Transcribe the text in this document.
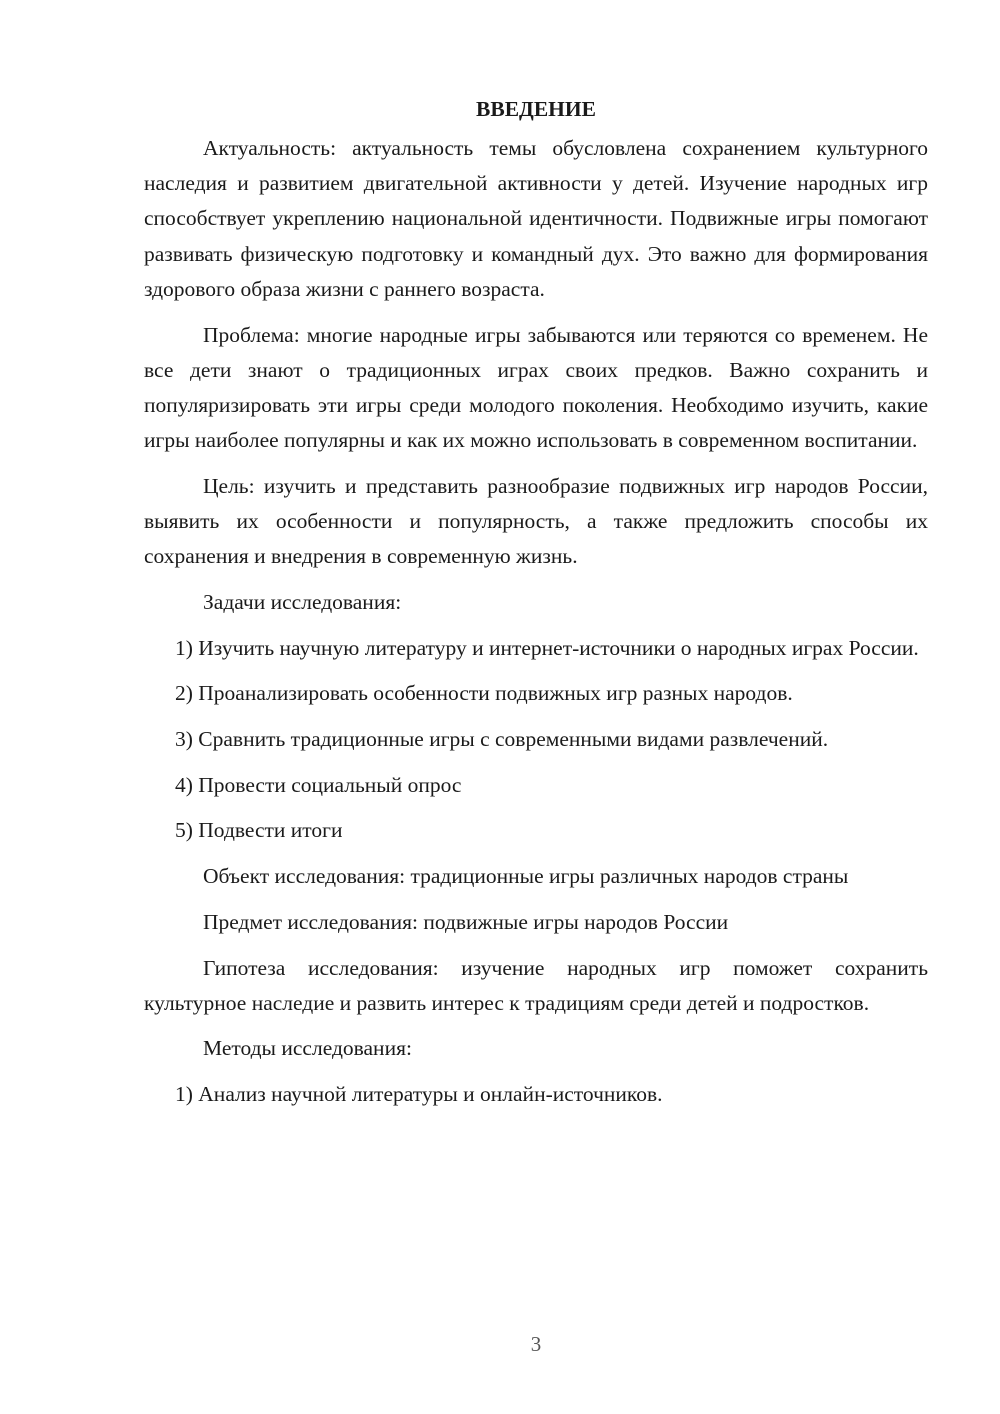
ВВЕДЕНИЕ

Актуальность: актуальность темы обусловлена сохранением культурного наследия и развитием двигательной активности у детей. Изучение народных игр способствует укреплению национальной идентичности. Подвижные игры помогают развивать физическую подготовку и командный дух. Это важно для формирования здорового образа жизни с раннего возраста.

Проблема: многие народные игры забываются или теряются со временем. Не все дети знают о традиционных играх своих предков. Важно сохранить и популяризировать эти игры среди молодого поколения. Необходимо изучить, какие игры наиболее популярны и как их можно использовать в современном воспитании.

Цель: изучить и представить разнообразие подвижных игр народов России, выявить их особенности и популярность, а также предложить способы их сохранения и внедрения в современную жизнь.

Задачи исследования:

1) Изучить научную литературу и интернет-источники о народных играх России.

2) Проанализировать особенности подвижных игр разных народов.

3) Сравнить традиционные игры с современными видами развлечений.

4) Провести социальный опрос

5) Подвести итоги

Объект исследования: традиционные игры различных народов страны

Предмет исследования: подвижные игры народов России

Гипотеза исследования: изучение народных игр поможет сохранить культурное наследие и развить интерес к традициям среди детей и подростков.

Методы исследования:

1) Анализ научной литературы и онлайн-источников.

3
